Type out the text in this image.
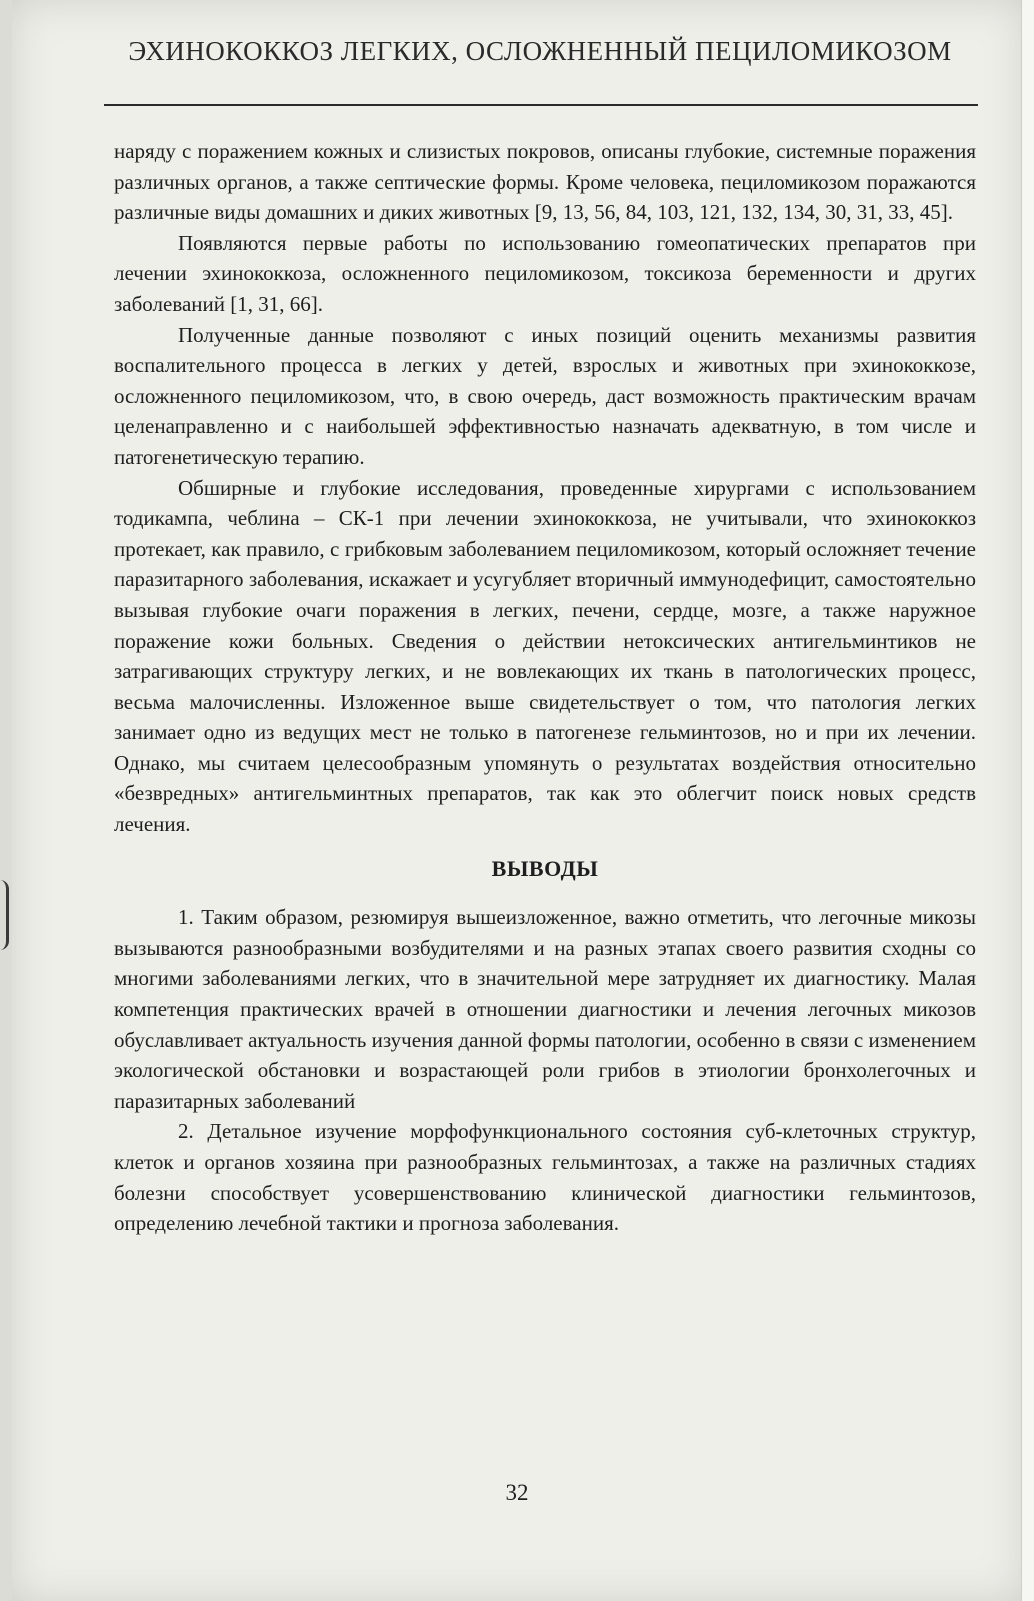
ЭХИНОКОККОЗ ЛЕГКИХ, ОСЛОЖНЕННЫЙ ПЕЦИЛОМИКОЗОМ

наряду с поражением кожных и слизистых покровов, описаны глубокие, системные поражения различных органов, а также септические формы. Кроме человека, пециломикозом поражаются различные виды домашних и диких животных [9, 13, 56, 84, 103, 121, 132, 134, 30, 31, 33, 45].

Появляются первые работы по использованию гомеопатических препаратов при лечении эхинококкоза, осложненного пециломикозом, токсикоза беременности и других заболеваний [1, 31, 66].

Полученные данные позволяют с иных позиций оценить механизмы развития воспалительного процесса в легких у детей, взрослых и животных при эхинококкозе, осложненного пециломикозом, что, в свою очередь, даст возможность практическим врачам целенаправленно и с наибольшей эффективностью назначать адекватную, в том числе и патогенетическую терапию.

Обширные и глубокие исследования, проведенные хирургами с использованием тодикампа, чеблина – СК-1 при лечении эхинококкоза, не учитывали, что эхинококкоз протекает, как правило, с грибковым заболеванием пециломикозом, который осложняет течение паразитарного заболевания, искажает и усугубляет вторичный иммунодефицит, самостоятельно вызывая глубокие очаги поражения в легких, печени, сердце, мозге, а также наружное поражение кожи больных. Сведения о действии нетоксических антигельминтиков не затрагивающих структуру легких, и не вовлекающих их ткань в патологических процесс, весьма малочисленны. Изложенное выше свидетельствует о том, что патология легких занимает одно из ведущих мест не только в патогенезе гельминтозов, но и при их лечении. Однако, мы считаем целесообразным упомянуть о результатах воздействия относительно «безвредных» антигельминтных препаратов, так как это облегчит поиск новых средств лечения.

ВЫВОДЫ

1. Таким образом, резюмируя вышеизложенное, важно отметить, что легочные микозы вызываются разнообразными возбудителями и на разных этапах своего развития сходны со многими заболеваниями легких, что в значительной мере затрудняет их диагностику. Малая компетенция практических врачей в отношении диагностики и лечения легочных микозов обуславливает актуальность изучения данной формы патологии, особенно в связи с изменением экологической обстановки и возрастающей роли грибов в этиологии бронхолегочных и паразитарных заболеваний

2. Детальное изучение морфофункционального состояния суб-клеточных структур, клеток и органов хозяина при разнообразных гельминтозах, а также на различных стадиях болезни способствует усовершенствованию клинической диагностики гельминтозов, определению лечебной тактики и прогноза заболевания.

32
